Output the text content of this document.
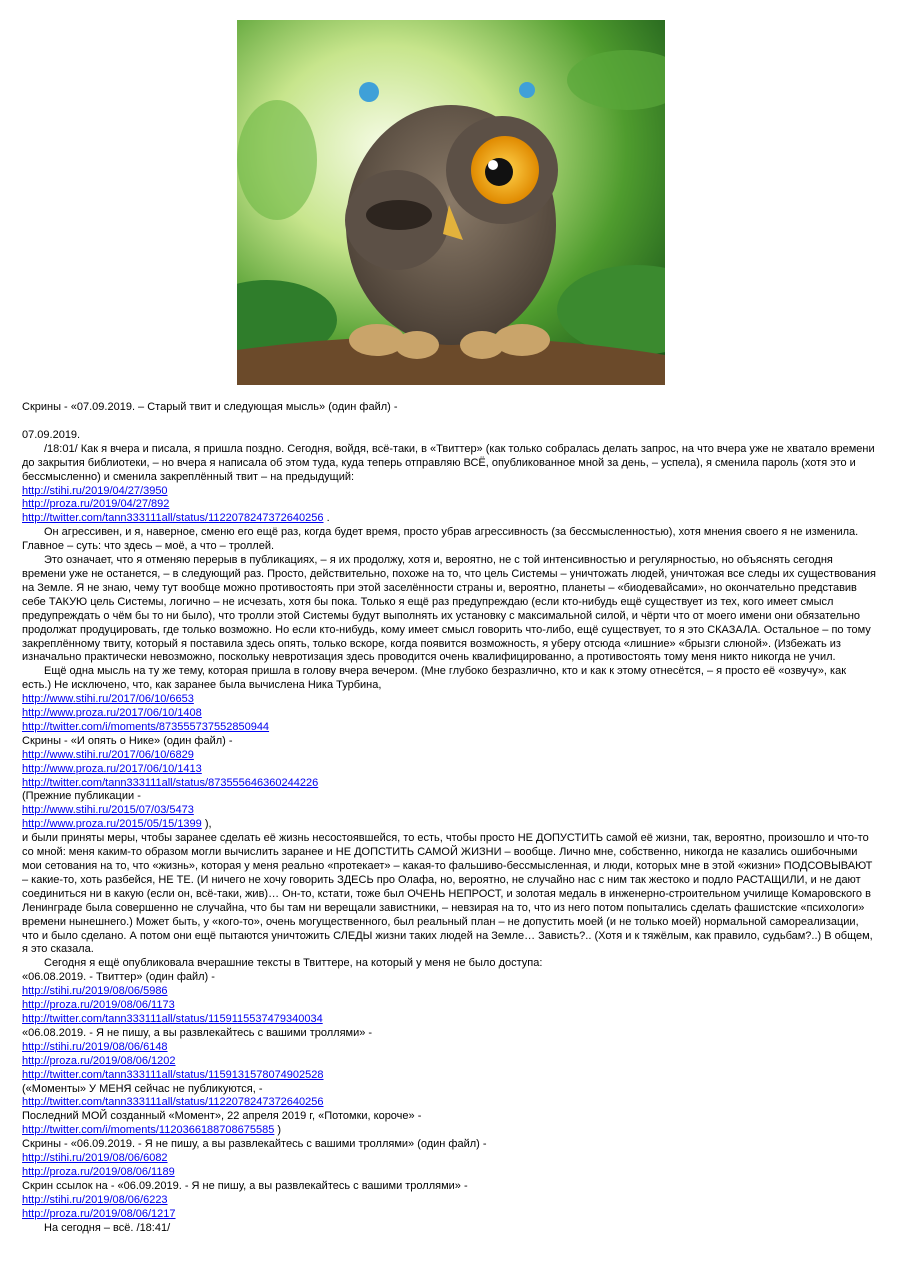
Скрины - «07.09.2019. – Старый твит и следующая мысль» (один файл) -

07.09.2019.

/18:01/ Как я вчера и писала, я пришла поздно. Сегодня, войдя, всё-таки, в «Твиттер» (как только собралась делать запрос, на что вчера уже не хватало времени до закрытия библиотеки, – но вчера я написала об этом туда, куда теперь отправляю ВСЁ, опубликованное мной за день, – успела), я сменила пароль (хотя это и бессмысленно) и сменила закреплённый твит – на предыдущий:

http://stihi.ru/2019/04/27/3950

http://proza.ru/2019/04/27/892

http://twitter.com/tann333111all/status/1122078247372640256 .

Он агрессивен, и я, наверное, сменю его ещё раз, когда будет время, просто убрав агрессивность (за бессмысленностью), хотя мнения своего я не изменила. Главное – суть: что здесь – моё, а что – троллей.

Это означает, что я отменяю перерыв в публикациях, – я их продолжу, хотя и, вероятно, не с той интенсивностью и регулярностью, но объяснять сегодня времени уже не останется, – в следующий раз. Просто, действительно, похоже на то, что цель Системы – уничтожать людей, уничтожая все следы их существования на Земле. Я не знаю, чему тут вообще можно противостоять при этой заселённости страны и, вероятно, планеты – «биодевайсами», но окончательно представив себе ТАКУЮ цель Системы, логично – не исчезать, хотя бы пока. Только я ещё раз предупреждаю (если кто-нибудь ещё существует из тех, кого имеет смысл предупреждать о чём бы то ни было), что тролли этой Системы будут выполнять их установку с максимальной силой, и чёрти что от моего имени они обязательно продолжат продуцировать, где только возможно. Но если кто-нибудь, кому имеет смысл говорить что-либо, ещё существует, то я это СКАЗАЛА. Остальное – по тому закреплённому твиту, который я поставила здесь опять, только вскоре, когда появится возможность, я уберу отсюда «лишние» «брызги слюной». (Избежать из изначально практически невозможно, поскольку невротизация здесь проводится очень квалифицированно, а противостоять тому меня никто никогда не учил.

Ещё одна мысль на ту же тему, которая пришла в голову вчера вечером. (Мне глубоко безразлично, кто и как к этому отнесётся, – я просто её «озвучу», как есть.) Не исключено, что, как заранее была вычислена Ника Турбина,

http://www.stihi.ru/2017/06/10/6653

http://www.proza.ru/2017/06/10/1408

http://twitter.com/i/moments/873555737552850944

Скрины - «И опять о Нике» (один файл) -

http://www.stihi.ru/2017/06/10/6829

http://www.proza.ru/2017/06/10/1413

http://twitter.com/tann333111all/status/873555646360244226

(Прежние публикации -

http://www.stihi.ru/2015/07/03/5473

http://www.proza.ru/2015/05/15/1399 ),

и были приняты меры, чтобы заранее сделать её жизнь несостоявшейся, то есть, чтобы просто НЕ ДОПУСТИТЬ самой её жизни, так, вероятно, произошло и что-то со мной: меня каким-то образом могли вычислить заранее и НЕ ДОПСТИТЬ САМОЙ ЖИЗНИ – вообще. Лично мне, собственно, никогда не казались ошибочными мои сетования на то, что «жизнь», которая у меня реально «протекает» – какая-то фальшиво-бессмысленная, и люди, которых мне в этой «жизни» ПОДСОВЫВАЮТ – какие-то, хоть разбейся, НЕ ТЕ. (И ничего не хочу говорить ЗДЕСЬ про Олафа, но, вероятно, не случайно нас с ним так жестоко и подло РАСТАЩИЛИ, и не дают соединиться ни в какую (если он, всё-таки, жив)… Он-то, кстати, тоже был ОЧЕНЬ НЕПРОСТ, и золотая медаль в инженерно-строительном училище Комаровского в Ленинграде была совершенно не случайна, что бы там ни верещали завистники, – невзирая на то, что из него потом попытались сделать фашистские «психологи» времени нынешнего.) Может быть, у «кого-то», очень могущественного, был реальный план – не допустить моей (и не только моей) нормальной самореализации, что и было сделано. А потом они ещё пытаются уничтожить СЛЕДЫ жизни таких людей на Земле… Зависть?.. (Хотя и к тяжёлым, как правило, судьбам?..) В общем, я это сказала.

Сегодня я ещё опубликовала вчерашние тексты в Твиттере, на который у меня не было доступа:

«06.08.2019. - Твиттер» (один файл) -

http://stihi.ru/2019/08/06/5986

http://proza.ru/2019/08/06/1173

http://twitter.com/tann333111all/status/1159115537479340034

«06.08.2019. - Я не пишу, а вы развлекайтесь с вашими троллями» -

http://stihi.ru/2019/08/06/6148

http://proza.ru/2019/08/06/1202

http://twitter.com/tann333111all/status/1159131578074902528

(«Моменты» У МЕНЯ сейчас не публикуются, -

http://twitter.com/tann333111all/status/1122078247372640256

Последний МОЙ созданный «Момент», 22 апреля 2019 г, «Потомки, короче» -

http://twitter.com/i/moments/1120366188708675585 )

Скрины - «06.09.2019. - Я не пишу, а вы развлекайтесь с вашими троллями» (один файл) -

http://stihi.ru/2019/08/06/6082

http://proza.ru/2019/08/06/1189

Скрин ссылок на - «06.09.2019. - Я не пишу, а вы развлекайтесь с вашими троллями» -

http://stihi.ru/2019/08/06/6223

http://proza.ru/2019/08/06/1217

На сегодня – всё. /18:41/
